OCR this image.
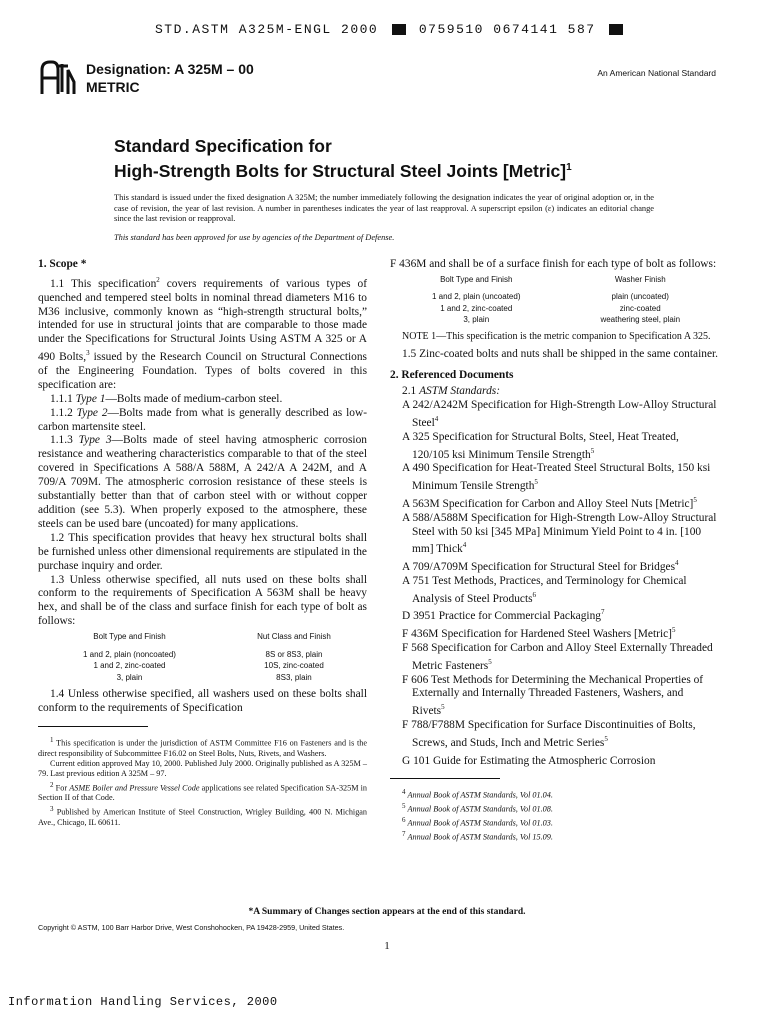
STD.ASTM A325M-ENGL 2000	0759510 0674141 587
Designation: A 325M – 00
METRIC
An American National Standard
Standard Specification for
High-Strength Bolts for Structural Steel Joints [Metric]$^1$
This standard is issued under the fixed designation A 325M; the number immediately following the designation indicates the year of original adoption or, in the case of revision, the year of last revision. A number in parentheses indicates the year of last reapproval. A superscript epsilon (ε) indicates an editorial change since the last revision or reapproval.
This standard has been approved for use by agencies of the Department of Defense.
1. Scope *

1.1 This specification$^2$ covers requirements of various types of quenched and tempered steel bolts in nominal thread diameters M16 to M36 inclusive, commonly known as “high-strength structural bolts,” intended for use in structural joints that are comparable to those made under the Specifications for Structural Joints Using ASTM A 325 or A 490 Bolts,$^3$ issued by the Research Council on Structural Connections of the Engineering Foundation. Types of bolts covered in this specification are:

1.1.1 Type 1—Bolts made of medium-carbon steel.

1.1.2 Type 2—Bolts made from what is generally described as low-carbon martensite steel.

1.1.3 Type 3—Bolts made of steel having atmospheric corrosion resistance and weathering characteristics comparable to that of the steel covered in Specifications A 588/A 588M, A 242/A A 242M, and A 709/A 709M. The atmospheric corrosion resistance of these steels is substantially better than that of carbon steel with or without copper addition (see 5.3). When properly exposed to the atmosphere, these steels can be used bare (uncoated) for many applications.

1.2 This specification provides that heavy hex structural bolts shall be furnished unless other dimensional requirements are stipulated in the purchase inquiry and order.

1.3 Unless otherwise specified, all nuts used on these bolts shall conform to the requirements of Specification A 563M shall be heavy hex, and shall be of the class and surface finish for each type of bolt as follows:

Bolt Type and Finish	Nut Class and Finish
1 and 2, plain (noncoated)	8S or 8S3, plain
1 and 2, zinc-coated	10S, zinc-coated
3, plain	8S3, plain

1.4 Unless otherwise specified, all washers used on these bolts shall conform to the requirements of Specification

$^1$ This specification is under the jurisdiction of ASTM Committee F16 on Fasteners and is the direct responsibility of Subcommittee F16.02 on Steel Bolts, Nuts, Rivets, and Washers.

Current edition approved May 10, 2000. Published July 2000. Originally published as A 325M – 79. Last previous edition A 325M – 97.

$^2$ For ASME Boiler and Pressure Vessel Code applications see related Specification SA-325M in Section II of that Code.

$^3$ Published by American Institute of Steel Construction, Wrigley Building, 400 N. Michigan Ave., Chicago, IL 60611.

F 436M and shall be of a surface finish for each type of bolt as follows:

Bolt Type and Finish	Washer Finish
1 and 2, plain (uncoated)	plain (uncoated)
1 and 2, zinc-coated	zinc-coated
3, plain	weathering steel, plain

NOTE 1—This specification is the metric companion to Specification A 325.

1.5 Zinc-coated bolts and nuts shall be shipped in the same container.

2. Referenced Documents

2.1 ASTM Standards:

A 242/A242M Specification for High-Strength Low-Alloy Structural Steel$^4$

A 325 Specification for Structural Bolts, Steel, Heat Treated, 120/105 ksi Minimum Tensile Strength$^5$

A 490 Specification for Heat-Treated Steel Structural Bolts, 150 ksi Minimum Tensile Strength$^5$

A 563M Specification for Carbon and Alloy Steel Nuts [Metric]$^5$

A 588/A588M Specification for High-Strength Low-Alloy Structural Steel with 50 ksi [345 MPa] Minimum Yield Point to 4 in. [100 mm] Thick$^4$

A 709/A709M Specification for Structural Steel for Bridges$^4$

A 751 Test Methods, Practices, and Terminology for Chemical Analysis of Steel Products$^6$

D 3951 Practice for Commercial Packaging$^7$

F 436M Specification for Hardened Steel Washers [Metric]$^5$

F 568 Specification for Carbon and Alloy Steel Externally Threaded Metric Fasteners$^5$

F 606 Test Methods for Determining the Mechanical Properties of Externally and Internally Threaded Fasteners, Washers, and Rivets$^5$

F 788/F788M Specification for Surface Discontinuities of Bolts, Screws, and Studs, Inch and Metric Series$^5$

G 101 Guide for Estimating the Atmospheric Corrosion

$^4$ Annual Book of ASTM Standards, Vol 01.04.

$^5$ Annual Book of ASTM Standards, Vol 01.08.

$^6$ Annual Book of ASTM Standards, Vol 01.03.

$^7$ Annual Book of ASTM Standards, Vol 15.09.

*A Summary of Changes section appears at the end of this standard.
Copyright © ASTM, 100 Barr Harbor Drive, West Conshohocken, PA 19428-2959, United States.
1
Information Handling Services, 2000
